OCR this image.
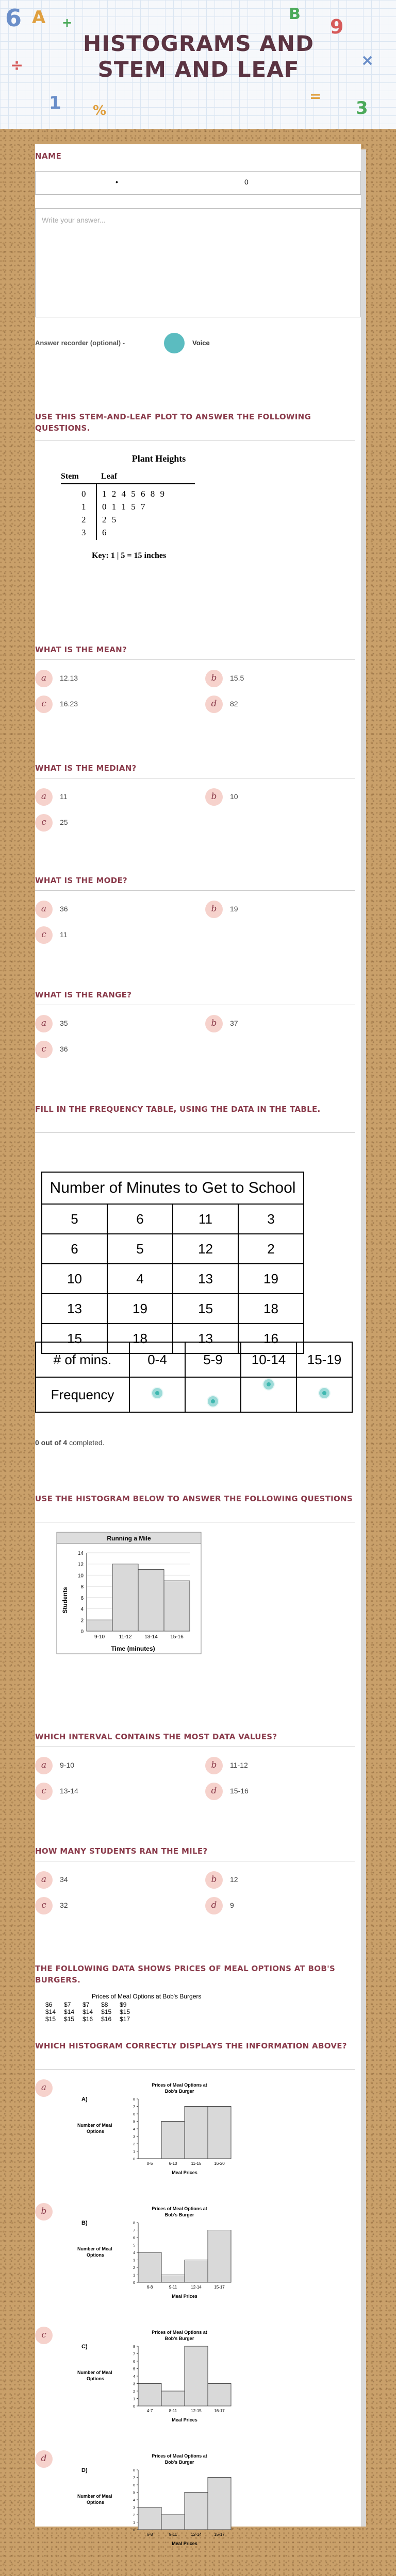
6 A +
÷
1 %
B
9
×
=
3
HISTOGRAMS AND STEM AND LEAF
NAME
•	0
Write your answer...
Answer recorder (optional) -	Voice
USE THIS STEM-AND-LEAF PLOT TO ANSWER THE FOLLOWING QUESTIONS.
Plant Heights
Stem	Leaf
0 1 2 4 5 6 8 9
1 0 1 1 5 7
2 2 5
3 6
Key: 1 | 5 = 15 inches
WHAT IS THE MEAN?
a	12.13	b	15.5
c	16.23	d	82
WHAT IS THE MEDIAN?
a	11	b	10
c	25
WHAT IS THE MODE?
a	36	b	19
c	11
WHAT IS THE RANGE?
a	35	b	37
c	36
FILL IN THE FREQUENCY TABLE, USING THE DATA IN THE TABLE.
Number of Minutes to Get to School			
5	6	11	3
6	5	12	2
10	4	13	19
13	19	15	18
15	18	13	16
# of mins.	0-4	5-9	10-14	15-19
Frequency	

0 out of 4 completed.
USE THE HISTOGRAM BELOW TO ANSWER THE FOLLOWING QUESTIONS
Running a Mile
Students
Time (minutes)
0
2
4
6
8
10
12
14
9-10	11-12 13-14 15-16
WHICH INTERVAL CONTAINS THE MOST DATA VALUES?
a	9-10	b	11-12
c	13-14	d	15-16
HOW MANY STUDENTS RAN THE MILE?
a	34	b	12
c	32	d	9
THE FOLLOWING DATA SHOWS PRICES OF MEAL OPTIONS AT BOB'S BURGERS.
Prices of Meal Options at Bob's Burgers
$6	$7	$7	$8	$9
$14	$14	$14	$15	$15
$15	$15	$16	$16	$17
WHICH HISTOGRAM CORRECTLY DISPLAYS THE INFORMATION ABOVE?
a
b
c
d
A)
Prices of Meal Options at
Bob's Burger
Number of Meal
Options
0
1
2
3
4
5
6
7
8
0-5	6-10	11-15	16-20
Meal Prices
B)
Prices of Meal Options at
Bob's Burger
Number of Meal
Options
0
1
2
3
4
5
6
7
8
6-8	9-11	12-14	15-17
Meal Prices
C)
Prices of Meal Options at
Bob's Burger
Number of Meal
Options
0
1
2
3
4
5
6
7
8
4-7	8-11	12-15	16-17
Meal Prices
D)
Prices of Meal Options at
Bob's Burger
Number of Meal
Options
0
1
2
3
4
5
6
7
8
6-8	9-11	12-14	15-17
Meal Prices
